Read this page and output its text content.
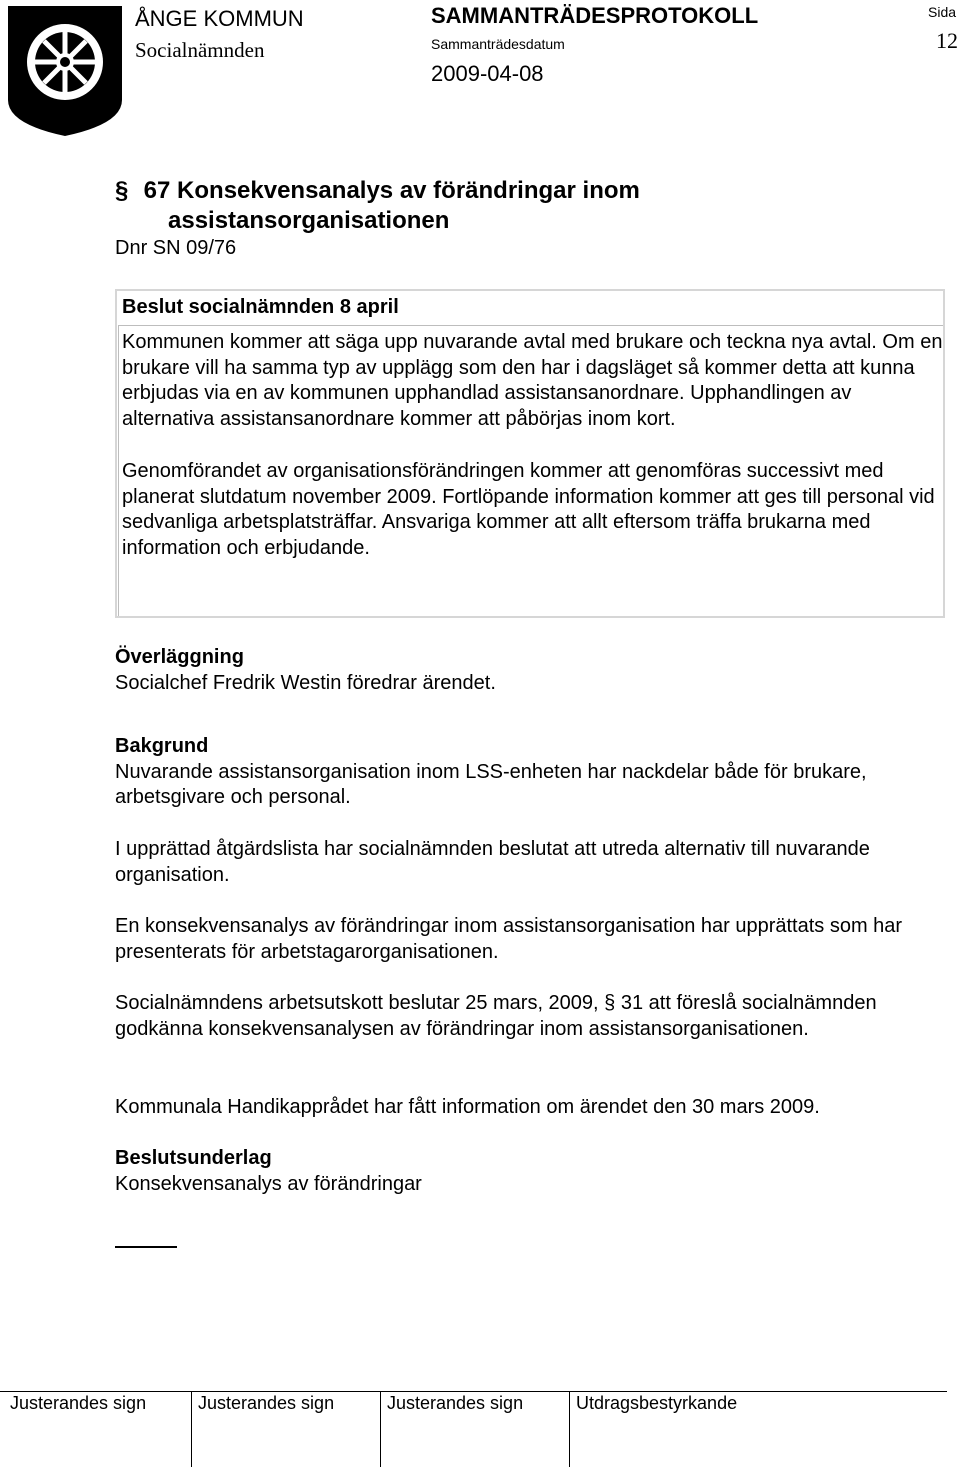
ÅNGE KOMMUN
Socialnämnden
SAMMANTRÄDESPROTOKOLL
Sammanträdesdatum
2009-04-08
Sida
12
§ 67 Konsekvensanalys av förändringar inom
assistansorganisationen
Dnr SN 09/76
Beslut socialnämnden 8 april

Kommunen kommer att säga upp nuvarande avtal med brukare och teckna nya avtal. Om en brukare vill ha samma typ av upplägg som den har i dagsläget så kommer detta att kunna erbjudas via en av kommunen upphandlad assistansanordnare. Upphandlingen av alternativa assistansanordnare kommer att påbörjas inom kort.

Genomförandet av organisationsförändringen kommer att genomföras successivt med planerat slutdatum november 2009. Fortlöpande information kommer att ges till personal vid sedvanliga arbetsplatsträffar. Ansvariga kommer att allt eftersom träffa brukarna med information och erbjudande.

Överläggning

Socialchef Fredrik Westin föredrar ärendet.

Bakgrund

Nuvarande assistansorganisation inom LSS-enheten har nackdelar både för brukare, arbetsgivare och personal.

I upprättad åtgärdslista har socialnämnden beslutat att utreda alternativ till nuvarande organisation.
En konsekvensanalys av förändringar inom assistansorganisation har upprättats som har presenterats för arbetstagarorganisationen.
Socialnämndens arbetsutskott beslutar 25 mars, 2009, § 31 att föreslå socialnämnden godkänna konsekvensanalysen av förändringar inom assistansorganisationen.
Kommunala Handikapprådet har fått information om ärendet den 30 mars 2009.
Beslutsunderlag

Konsekvensanalys av förändringar

Justerandes sign	Justerandes sign	Justerandes sign	Utdragsbestyrkande
